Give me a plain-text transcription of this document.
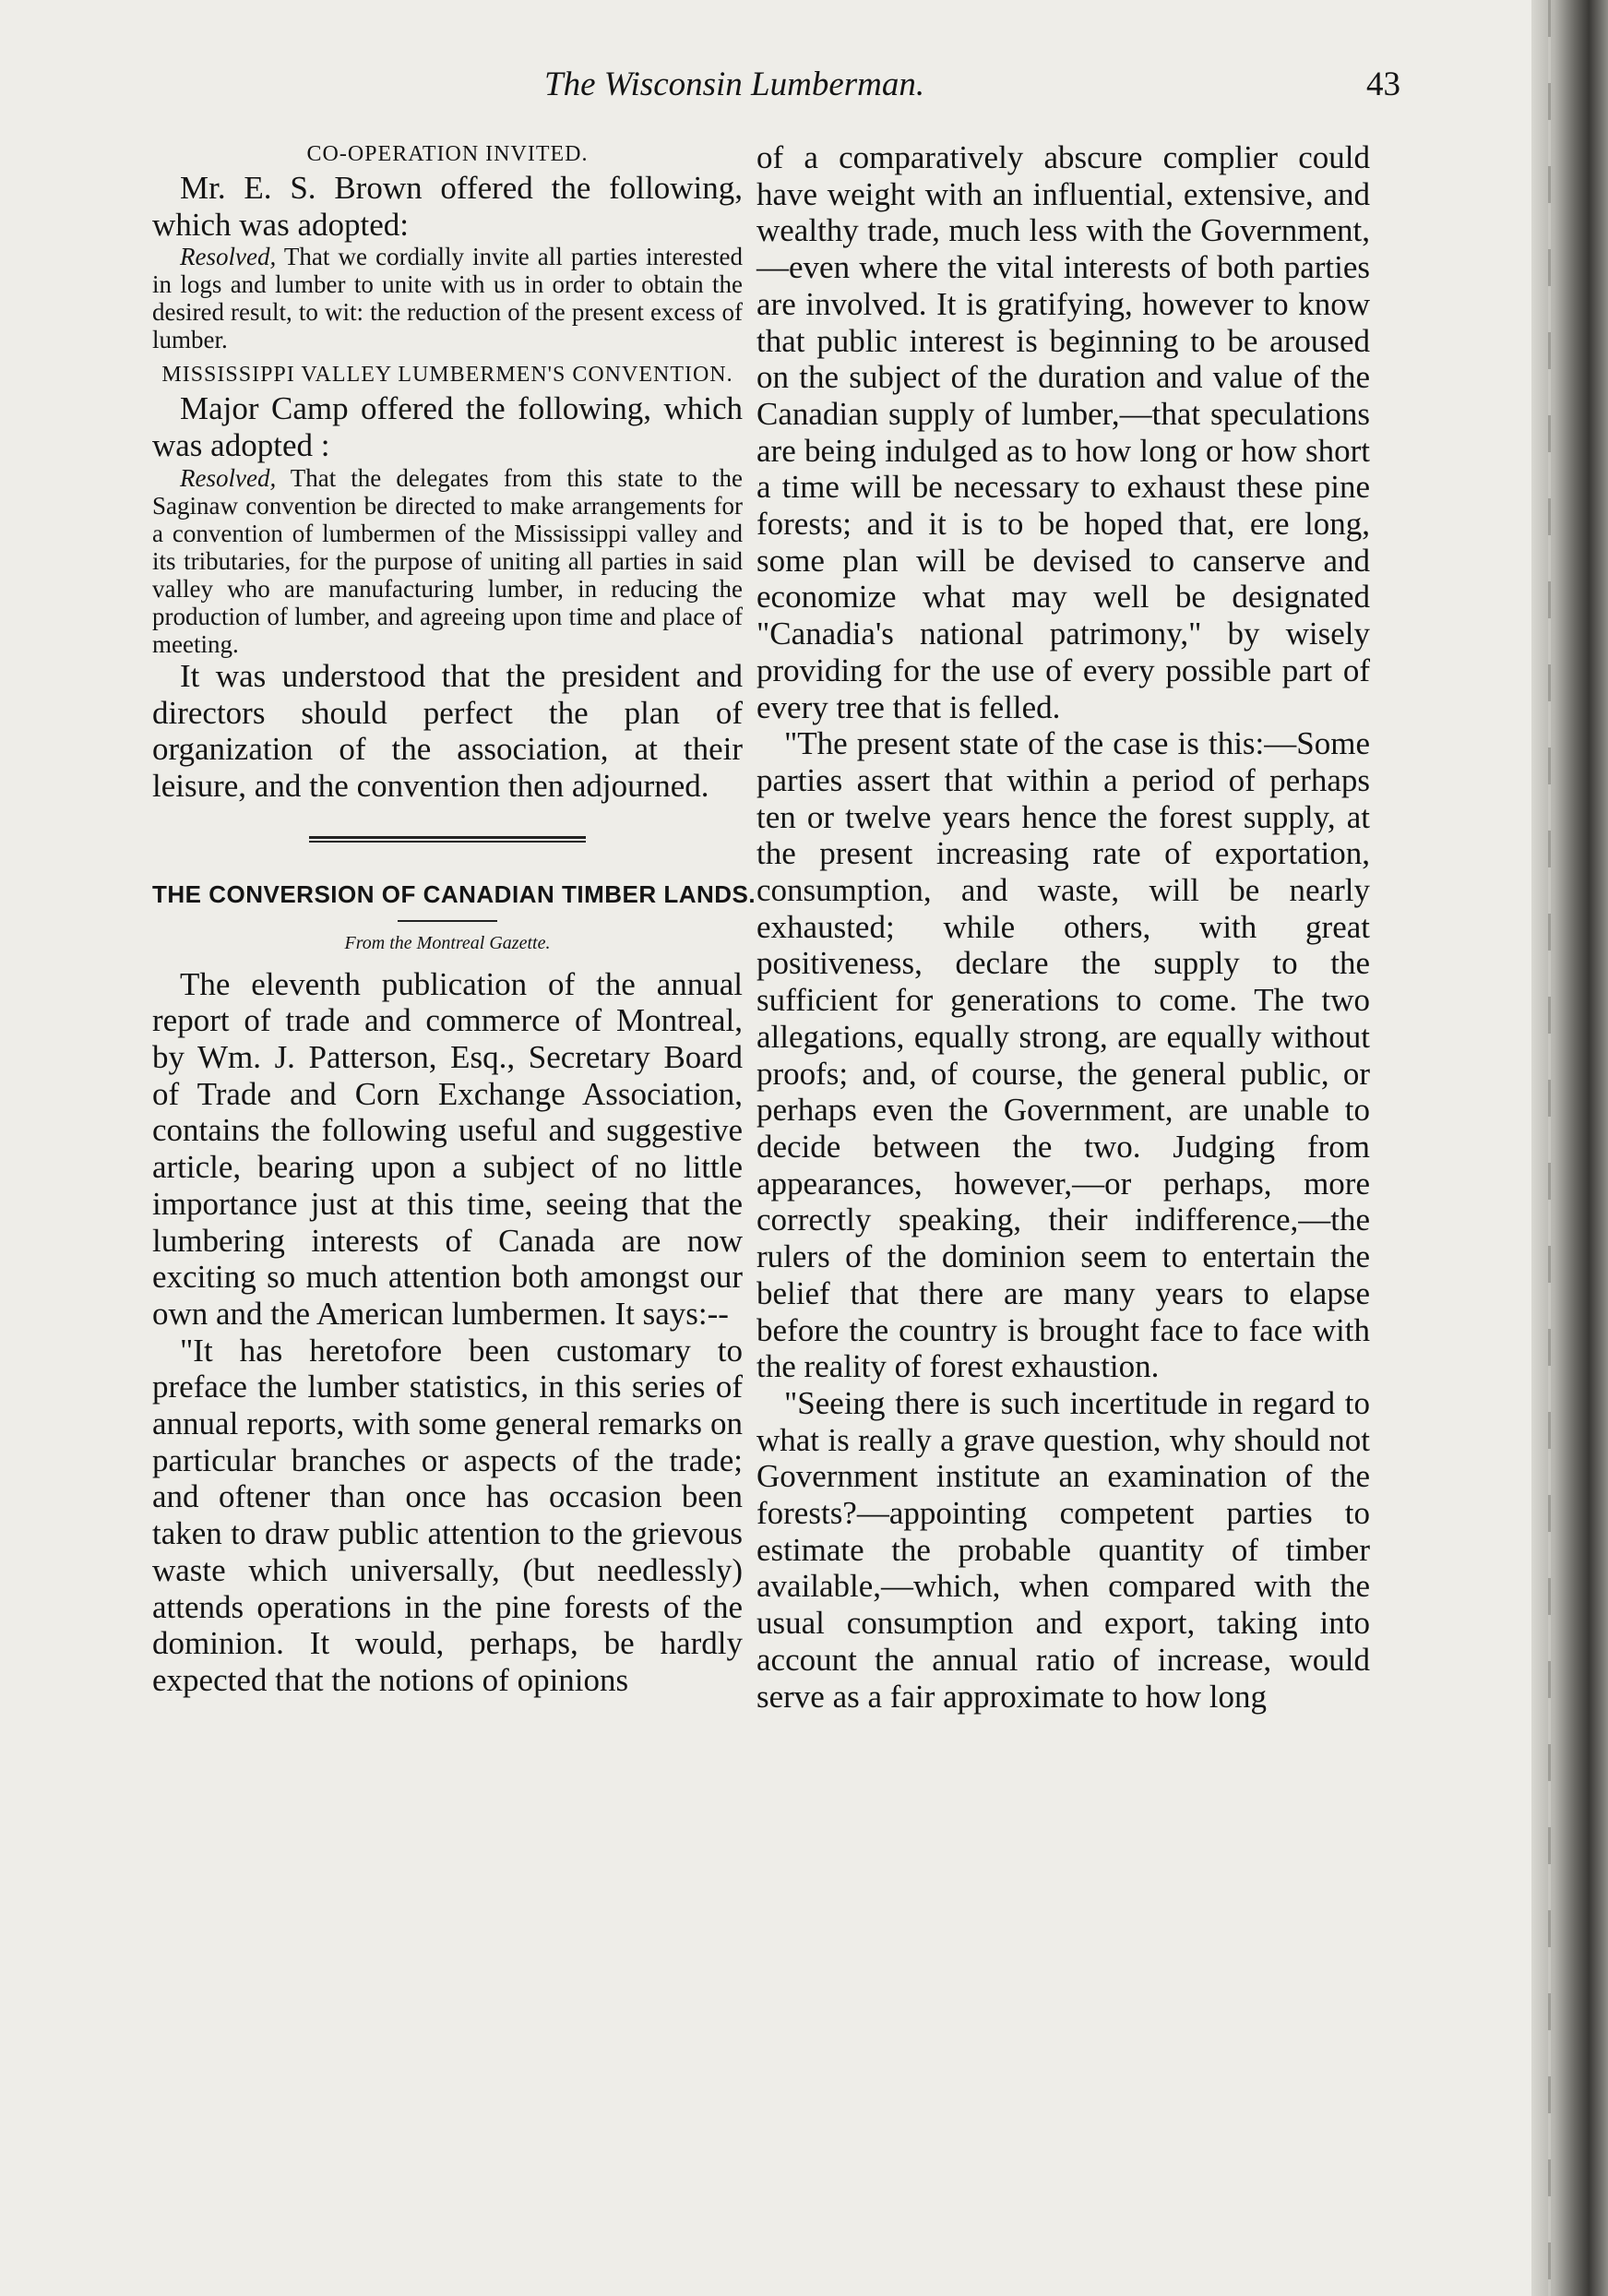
The Wisconsin Lumberman.	43
CO-OPERATION INVITED.

Mr. E. S. Brown offered the following, which was adopted:

Resolved, That we cordially invite all parties interested in logs and lumber to unite with us in order to obtain the desired result, to wit: the reduction of the present excess of lumber.

MISSISSIPPI VALLEY LUMBERMEN'S CONVENTION.

Major Camp offered the following, which was adopted :

Resolved, That the delegates from this state to the Saginaw convention be directed to make arrangements for a convention of lumbermen of the Mississippi valley and its tributaries, for the purpose of uniting all parties in said valley who are manufacturing lumber, in reducing the production of lumber, and agreeing upon time and place of meeting.

It was understood that the president and directors should perfect the plan of organization of the association, at their leisure, and the convention then adjourned.

THE CONVERSION OF CANADIAN TIMBER LANDS.
From the Montreal Gazette.

The eleventh publication of the annual report of trade and commerce of Montreal, by Wm. J. Patterson, Esq., Secretary Board of Trade and Corn Exchange Association, contains the following useful and suggestive article, bearing upon a subject of no little importance just at this time, seeing that the lumbering interests of Canada are now exciting so much attention both amongst our own and the American lumbermen. It says:--

"It has heretofore been customary to preface the lumber statistics, in this series of annual reports, with some general remarks on particular branches or aspects of the trade; and oftener than once has occasion been taken to draw public attention to the grievous waste which universally, (but needlessly) attends operations in the pine forests of the dominion. It would, perhaps, be hardly expected that the notions of opinions

of a comparatively abscure complier could have weight with an influential, extensive, and wealthy trade, much less with the Government,—even where the vital interests of both parties are involved. It is gratifying, however to know that public interest is beginning to be aroused on the subject of the duration and value of the Canadian supply of lumber,—that speculations are being indulged as to how long or how short a time will be necessary to exhaust these pine forests; and it is to be hoped that, ere long, some plan will be devised to canserve and economize what may well be designated "Canadia's national patrimony," by wisely providing for the use of every possible part of every tree that is felled.

"The present state of the case is this:—Some parties assert that within a period of perhaps ten or twelve years hence the forest supply, at the present increasing rate of exportation, consumption, and waste, will be nearly exhausted; while others, with great positiveness, declare the supply to the sufficient for generations to come. The two allegations, equally strong, are equally without proofs; and, of course, the general public, or perhaps even the Government, are unable to decide between the two. Judging from appearances, however,—or perhaps, more correctly speaking, their indifference,—the rulers of the dominion seem to entertain the belief that there are many years to elapse before the country is brought face to face with the reality of forest exhaustion.

"Seeing there is such incertitude in regard to what is really a grave question, why should not Government institute an examination of the forests?—appointing competent parties to estimate the probable quantity of timber available,—which, when compared with the usual consumption and export, taking into account the annual ratio of increase, would serve as a fair approximate to how long
